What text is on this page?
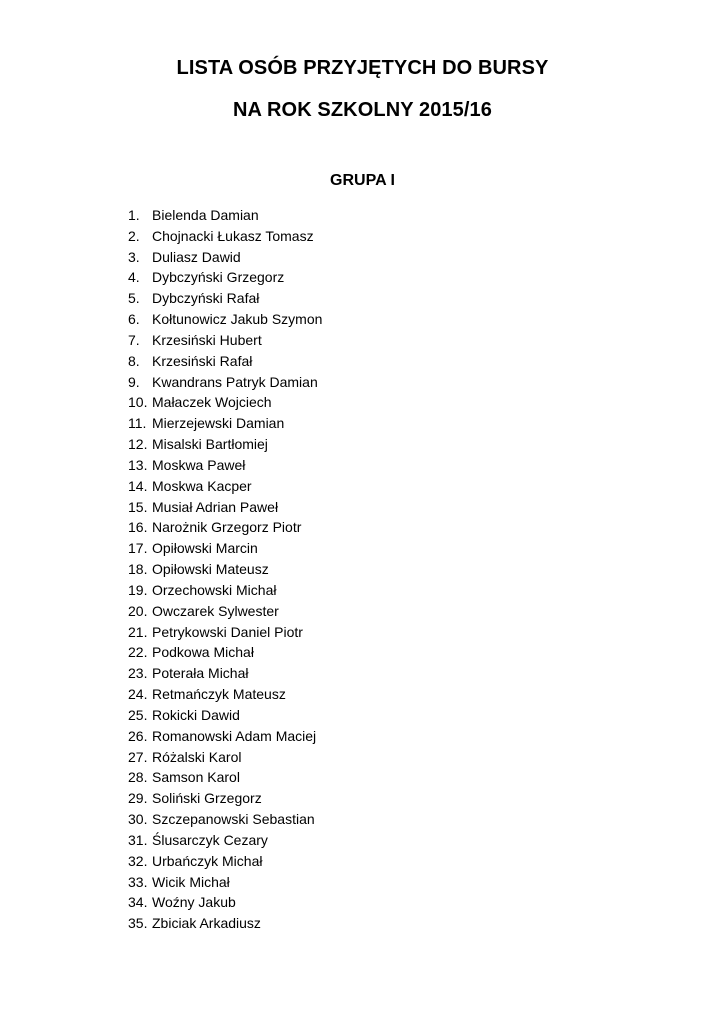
LISTA OSÓB PRZYJĘTYCH DO BURSY
NA ROK SZKOLNY 2015/16
GRUPA I
1. Bielenda Damian
2. Chojnacki Łukasz Tomasz
3. Duliasz Dawid
4. Dybczyński Grzegorz
5. Dybczyński Rafał
6. Kołtunowicz Jakub Szymon
7. Krzesiński Hubert
8. Krzesiński Rafał
9. Kwandrans Patryk Damian
10. Małaczek Wojciech
11. Mierzejewski Damian
12. Misalski Bartłomiej
13. Moskwa Paweł
14. Moskwa Kacper
15. Musiał Adrian Paweł
16. Narożnik Grzegorz Piotr
17. Opiłowski Marcin
18. Opiłowski Mateusz
19. Orzechowski Michał
20. Owczarek Sylwester
21. Petrykowski Daniel Piotr
22. Podkowa Michał
23. Poterała Michał
24. Retmańczyk Mateusz
25. Rokicki Dawid
26. Romanowski Adam Maciej
27. Różalski Karol
28. Samson Karol
29. Soliński Grzegorz
30. Szczepanowski Sebastian
31. Ślusarczyk Cezary
32. Urbańczyk Michał
33. Wicik Michał
34. Woźny Jakub
35. Zbiciak Arkadiusz
